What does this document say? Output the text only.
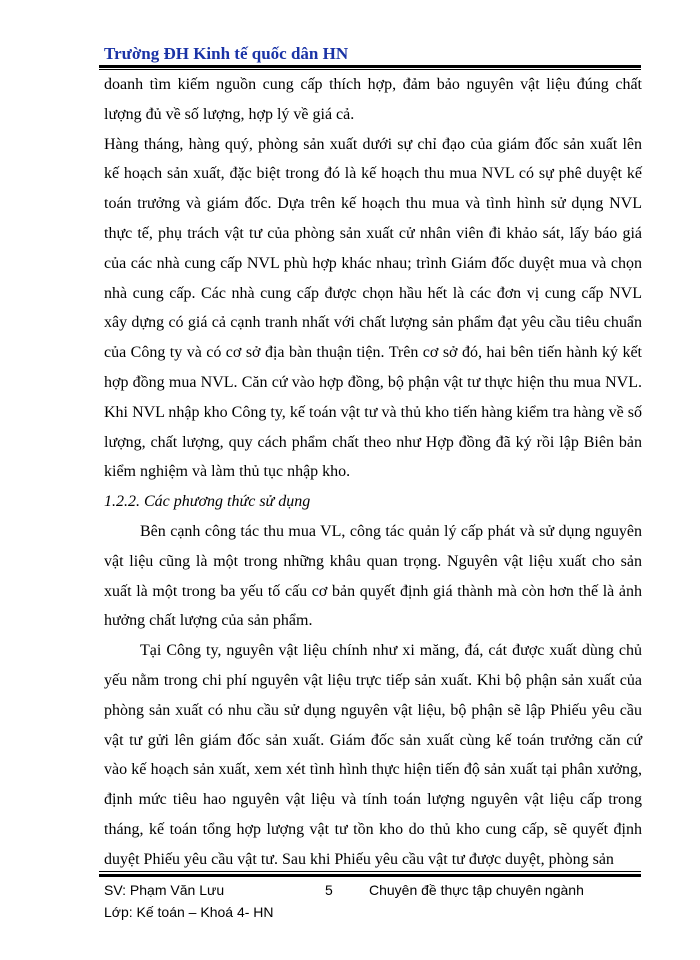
Trường ĐH Kinh tế quốc dân HN

doanh tìm kiếm nguồn cung cấp thích hợp, đảm bảo nguyên vật liệu đúng chất lượng đủ về số lượng, hợp lý về giá cả.

Hàng tháng, hàng quý, phòng sản xuất dưới sự chỉ đạo của giám đốc sản xuất lên kế hoạch sản xuất, đặc biệt trong đó là kế hoạch thu mua NVL có sự phê duyệt kế toán trưởng và giám đốc. Dựa trên kế hoạch thu mua và tình hình sử dụng NVL thực tế, phụ trách vật tư của phòng sản xuất cử nhân viên đi khảo sát, lấy báo giá của các nhà cung cấp NVL phù hợp khác nhau; trình Giám đốc duyệt mua và chọn nhà cung cấp. Các nhà cung cấp được chọn hầu hết là các đơn vị cung cấp NVL xây dựng có giá cả cạnh tranh nhất với chất lượng sản phẩm đạt yêu cầu tiêu chuẩn của Công ty và có cơ sở địa bàn thuận tiện. Trên cơ sở đó, hai bên tiến hành ký kết hợp đồng mua NVL. Căn cứ vào hợp đồng, bộ phận vật tư thực hiện thu mua NVL. Khi NVL nhập kho Công ty, kế toán vật tư và thủ kho tiến hàng kiểm tra hàng về số lượng, chất lượng, quy cách phẩm chất theo như Hợp đồng đã ký rồi lập Biên bản kiểm nghiệm và làm thủ tục nhập kho.

1.2.2. Các phương thức sử dụng

Bên cạnh công tác thu mua VL, công tác quản lý cấp phát và sử dụng nguyên vật liệu cũng là một trong những khâu quan trọng. Nguyên vật liệu xuất cho sản xuất là một trong ba yếu tố cấu cơ bản quyết định giá thành mà còn hơn thế là ảnh hưởng chất lượng của sản phẩm.

Tại Công ty, nguyên vật liệu chính như xi măng, đá, cát được xuất dùng chủ yếu nằm trong chi phí nguyên vật liệu trực tiếp sản xuất. Khi bộ phận sản xuất của phòng sản xuất có nhu cầu sử dụng nguyên vật liệu, bộ phận sẽ lập Phiếu yêu cầu vật tư gửi lên giám đốc sản xuất. Giám đốc sản xuất cùng kế toán trưởng căn cứ vào kế hoạch sản xuất, xem xét tình hình thực hiện tiến độ sản xuất tại phân xưởng, định mức tiêu hao nguyên vật liệu và tính toán lượng nguyên vật liệu cấp trong tháng, kế toán tổng hợp lượng vật tư tồn kho do thủ kho cung cấp, sẽ quyết định duyệt Phiếu yêu cầu vật tư. Sau khi Phiếu yêu cầu vật tư được duyệt, phòng sản

SV: Phạm Văn Lưu	5	Chuyên đề thực tập chuyên ngành
Lớp: Kế toán – Khoá 4- HN
